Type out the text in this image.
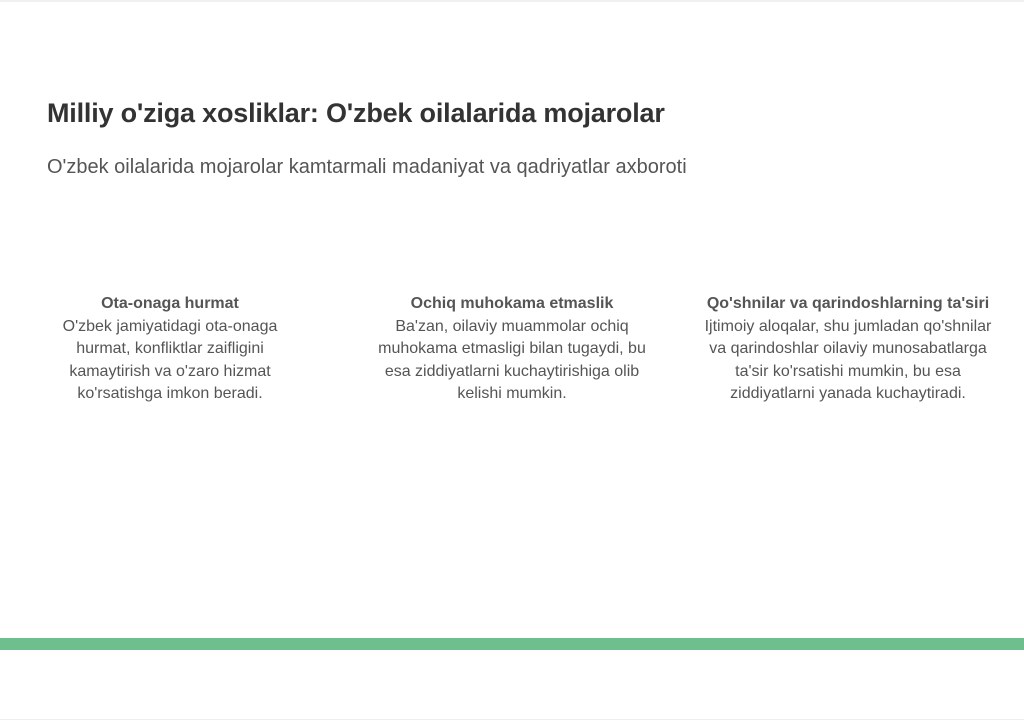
Milliy o'ziga xosliklar: O'zbek oilalarida mojarolar
O'zbek oilalarida mojarolar kamtarmali madaniyat va qadriyatlar axboroti
Ota-onaga hurmat
O'zbek jamiyatidagi ota-onaga hurmat, konfliktlar zaifligini kamaytirish va o'zaro hizmat ko'rsatishga imkon beradi.
Ochiq muhokama etmaslik
Ba'zan, oilaviy muammolar ochiq muhokama etmasligi bilan tugaydi, bu esa ziddiyatlarni kuchaytirishiga olib kelishi mumkin.
Qo'shnilar va qarindoshlarning ta'siri
Ijtimoiy aloqalar, shu jumladan qo'shnilar va qarindoshlar oilaviy munosabatlarga ta'sir ko'rsatishi mumkin, bu esa ziddiyatlarni yanada kuchaytiradi.
